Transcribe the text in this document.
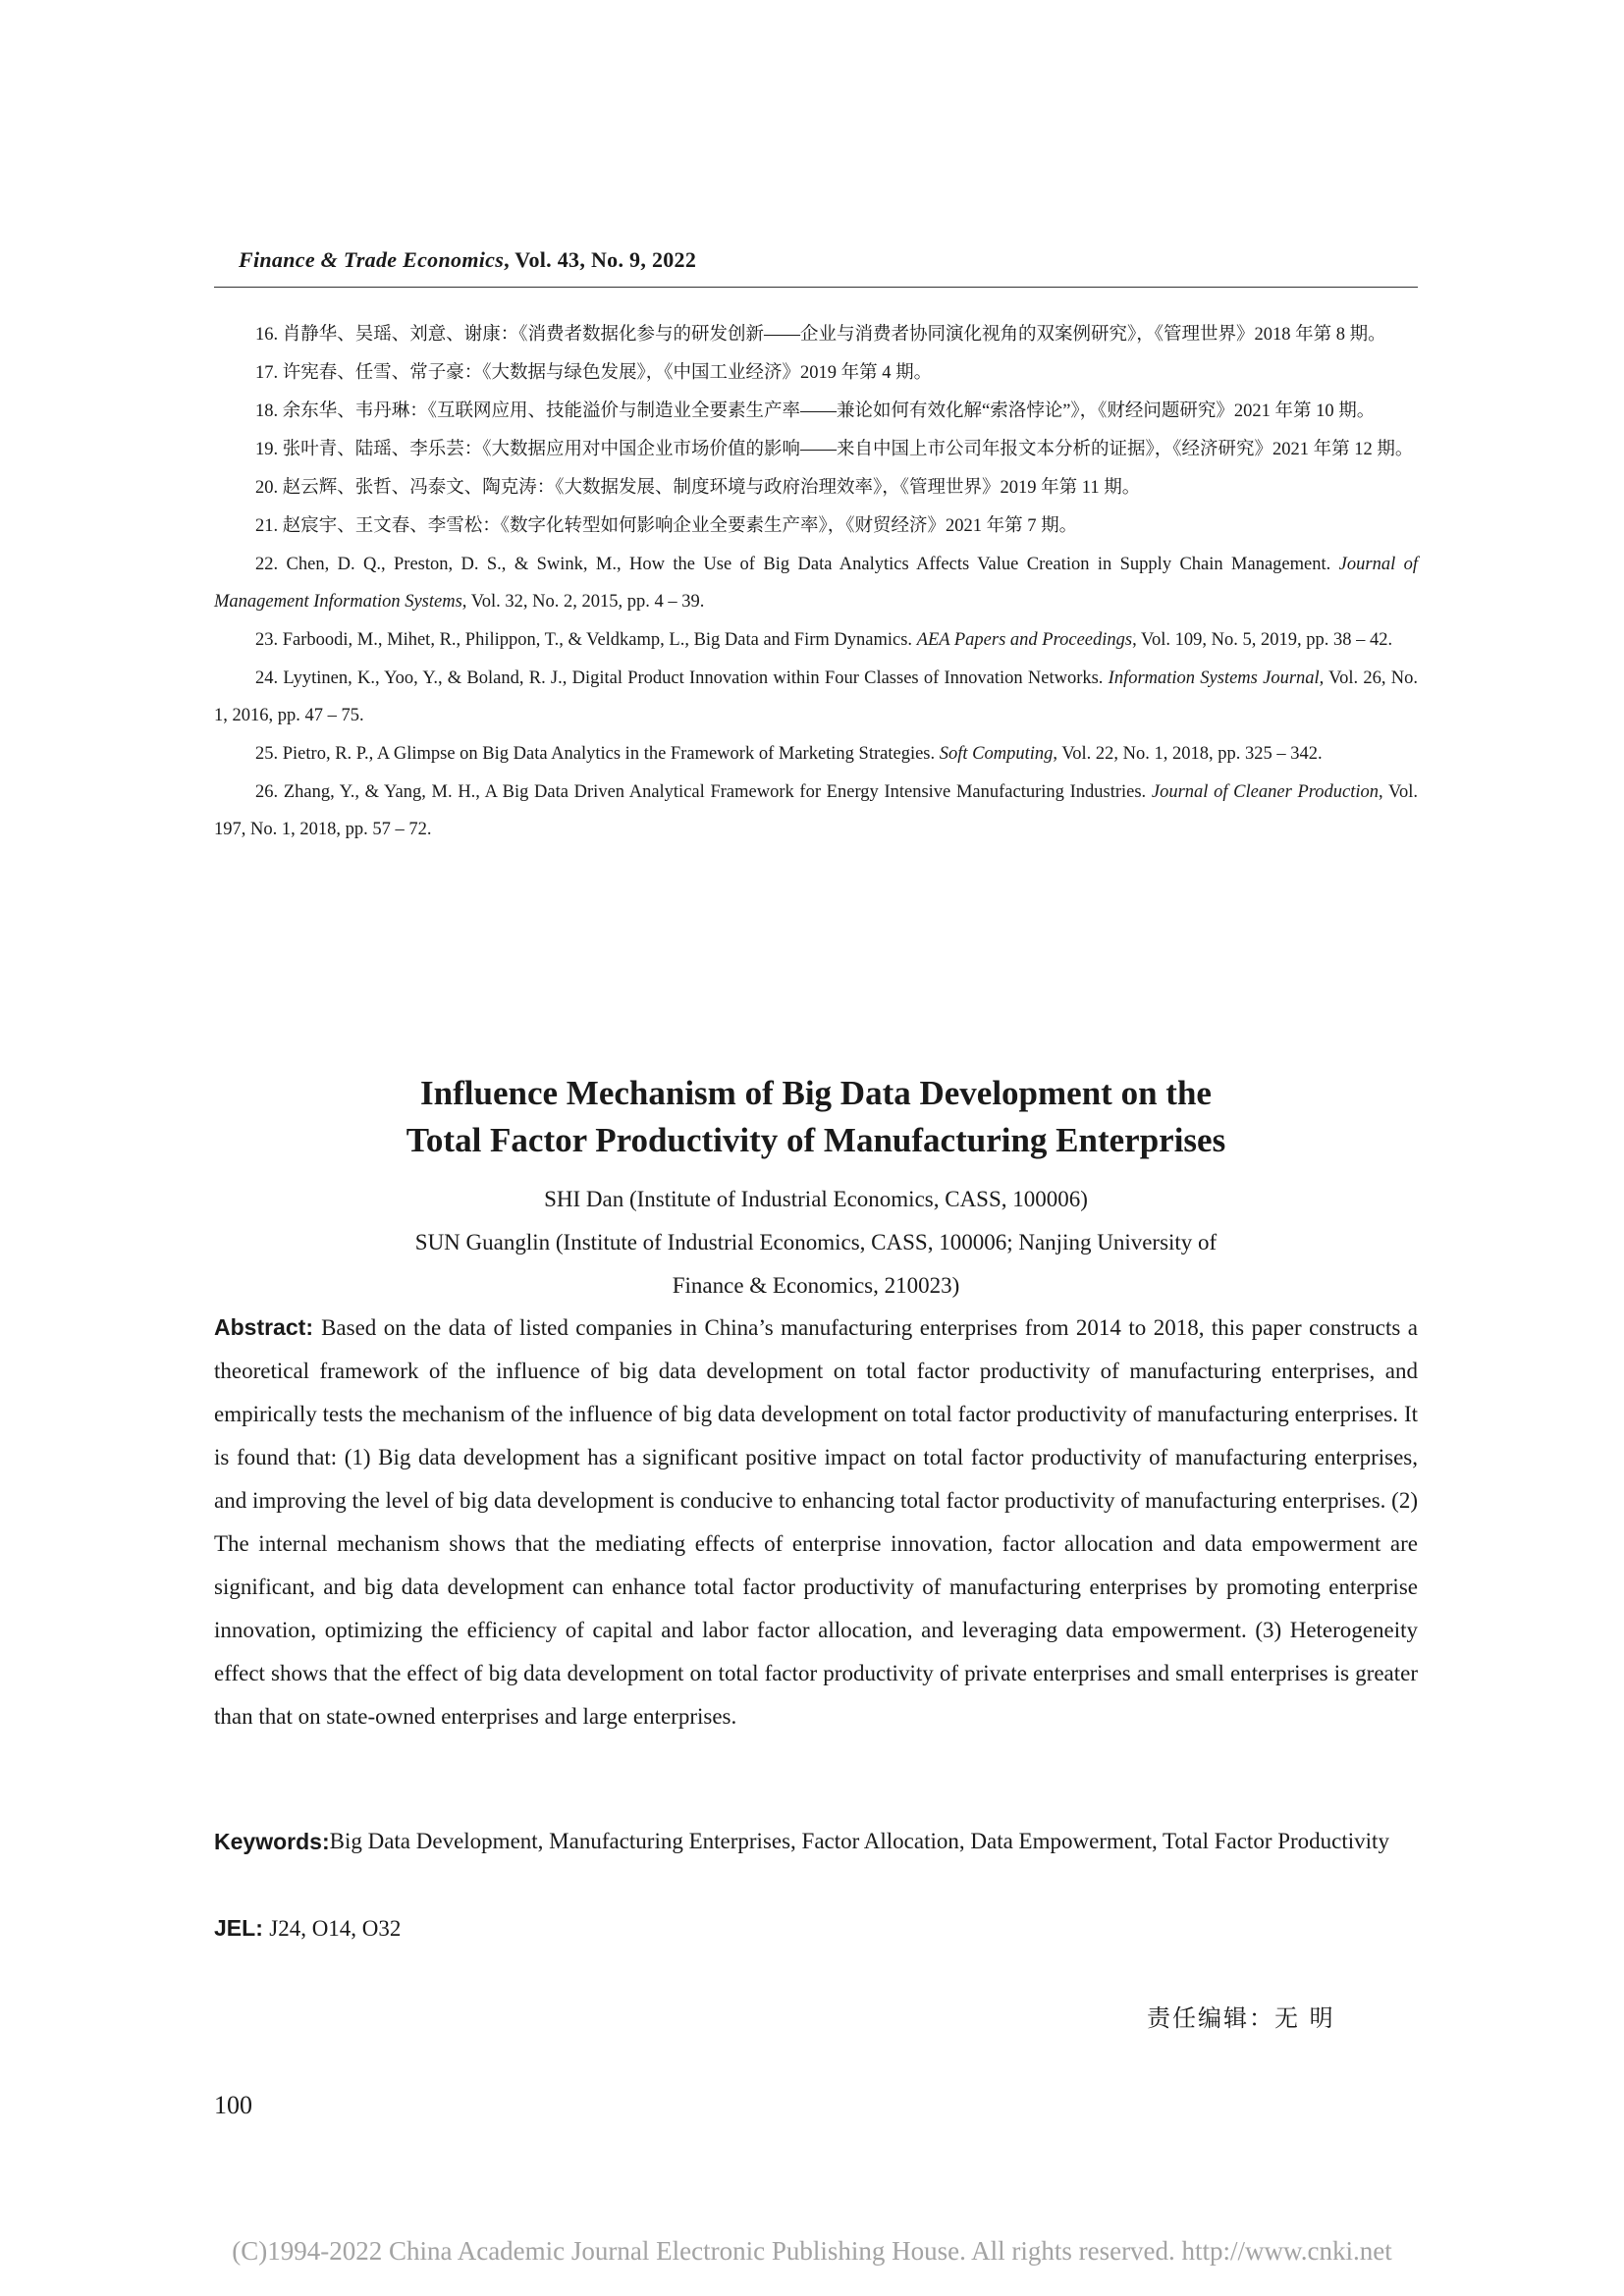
Finance & Trade Economics, Vol. 43, No. 9, 2022
16. 肖静华、吴瑶、刘意、谢康：《消费者数据化参与的研发创新——企业与消费者协同演化视角的双案例研究》，《管理世界》2018 年第 8 期。
17. 许宪春、任雪、常子豪：《大数据与绿色发展》，《中国工业经济》2019 年第 4 期。
18. 余东华、韦丹琳：《互联网应用、技能溢价与制造业全要素生产率——兼论如何有效化解“索洛悖论”》，《财经问题研究》2021 年第 10 期。
19. 张叶青、陆瑶、李乐芸：《大数据应用对中国企业市场价值的影响——来自中国上市公司年报文本分析的证据》，《经济研究》2021 年第 12 期。
20. 赵云辉、张哲、冯泰文、陶克涛：《大数据发展、制度环境与政府治理效率》，《管理世界》2019 年第 11 期。
21. 赵宸宇、王文春、李雪松：《数字化转型如何影响企业全要素生产率》，《财贸经济》2021 年第 7 期。
22. Chen, D. Q., Preston, D. S., & Swink, M., How the Use of Big Data Analytics Affects Value Creation in Supply Chain Management. Journal of Management Information Systems, Vol. 32, No. 2, 2015, pp. 4 – 39.
23. Farboodi, M., Mihet, R., Philippon, T., & Veldkamp, L., Big Data and Firm Dynamics. AEA Papers and Proceedings, Vol. 109, No. 5, 2019, pp. 38 – 42.
24. Lyytinen, K., Yoo, Y., & Boland, R. J., Digital Product Innovation within Four Classes of Innovation Networks. Information Systems Journal, Vol. 26, No. 1, 2016, pp. 47 – 75.
25. Pietro, R. P., A Glimpse on Big Data Analytics in the Framework of Marketing Strategies. Soft Computing, Vol. 22, No. 1, 2018, pp. 325 – 342.
26. Zhang, Y., & Yang, M. H., A Big Data Driven Analytical Framework for Energy Intensive Manufacturing Industries. Journal of Cleaner Production, Vol. 197, No. 1, 2018, pp. 57 – 72.
Influence Mechanism of Big Data Development on the
Total Factor Productivity of Manufacturing Enterprises
SHI Dan (Institute of Industrial Economics, CASS, 100006)
SUN Guanglin (Institute of Industrial Economics, CASS, 100006; Nanjing University of
Finance & Economics, 210023)
Abstract: Based on the data of listed companies in China’s manufacturing enterprises from 2014 to 2018, this paper constructs a theoretical framework of the influence of big data development on total factor productivity of manufacturing enterprises, and empirically tests the mechanism of the influence of big data development on total factor productivity of manufacturing enterprises. It is found that: (1) Big data development has a significant positive impact on total factor productivity of manufacturing enterprises, and improving the level of big data development is conducive to enhancing total factor productivity of manufacturing enterprises. (2) The internal mechanism shows that the mediating effects of enterprise innovation, factor allocation and data empowerment are significant, and big data development can enhance total factor productivity of manufacturing enterprises by promoting enterprise innovation, optimizing the efficiency of capital and labor factor allocation, and leveraging data empowerment. (3) Heterogeneity effect shows that the effect of big data development on total factor productivity of private enterprises and small enterprises is greater than that on state-owned enterprises and large enterprises.
Keywords: Big Data Development, Manufacturing Enterprises, Factor Allocation, Data Empowerment, Total Factor Productivity
JEL: J24, O14, O32
责任编辑：无 明
100
(C)1994-2022 China Academic Journal Electronic Publishing House. All rights reserved. http://www.cnki.net
